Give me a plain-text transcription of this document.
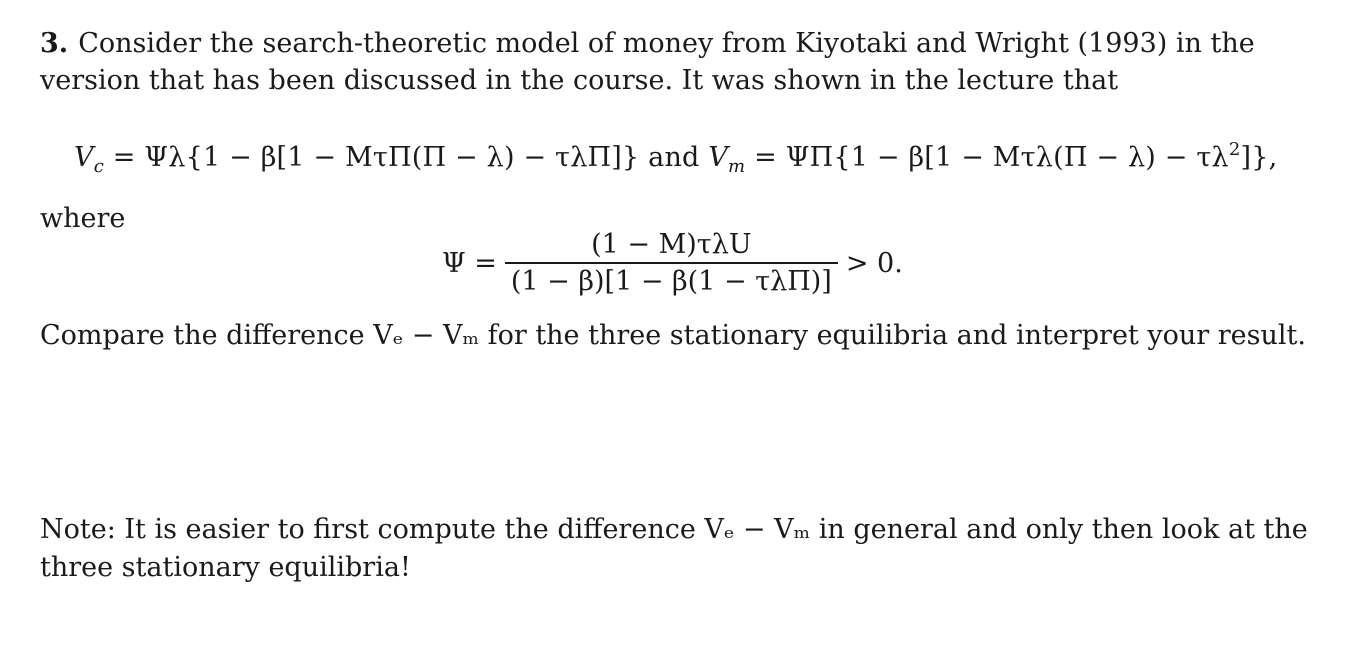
3. Consider the search-theoretic model of money from Kiyotaki and Wright (1993) in the
version that has been discussed in the course. It was shown in the lecture that
$V_c = \Psi\lambda\{1 - \beta[1 - M\tau\Pi(\Pi - \lambda) - \tau\lambda\Pi]\}$ and $V_m = \Psi\Pi\{1 - \beta[1 - M\tau\lambda(\Pi - \lambda) - \tau\lambda^2]\}$,
where
$\Psi = \frac{\text{(1 − M)τλU}}{\text{(1 − β)[1 − β(1 − τλΠ)]}} > 0$.
Compare the difference Vₑ − Vₘ for the three stationary equilibria and interpret your result.
Note: It is easier to first compute the difference Vₑ − Vₘ in general and only then look at the
three stationary equilibria!
